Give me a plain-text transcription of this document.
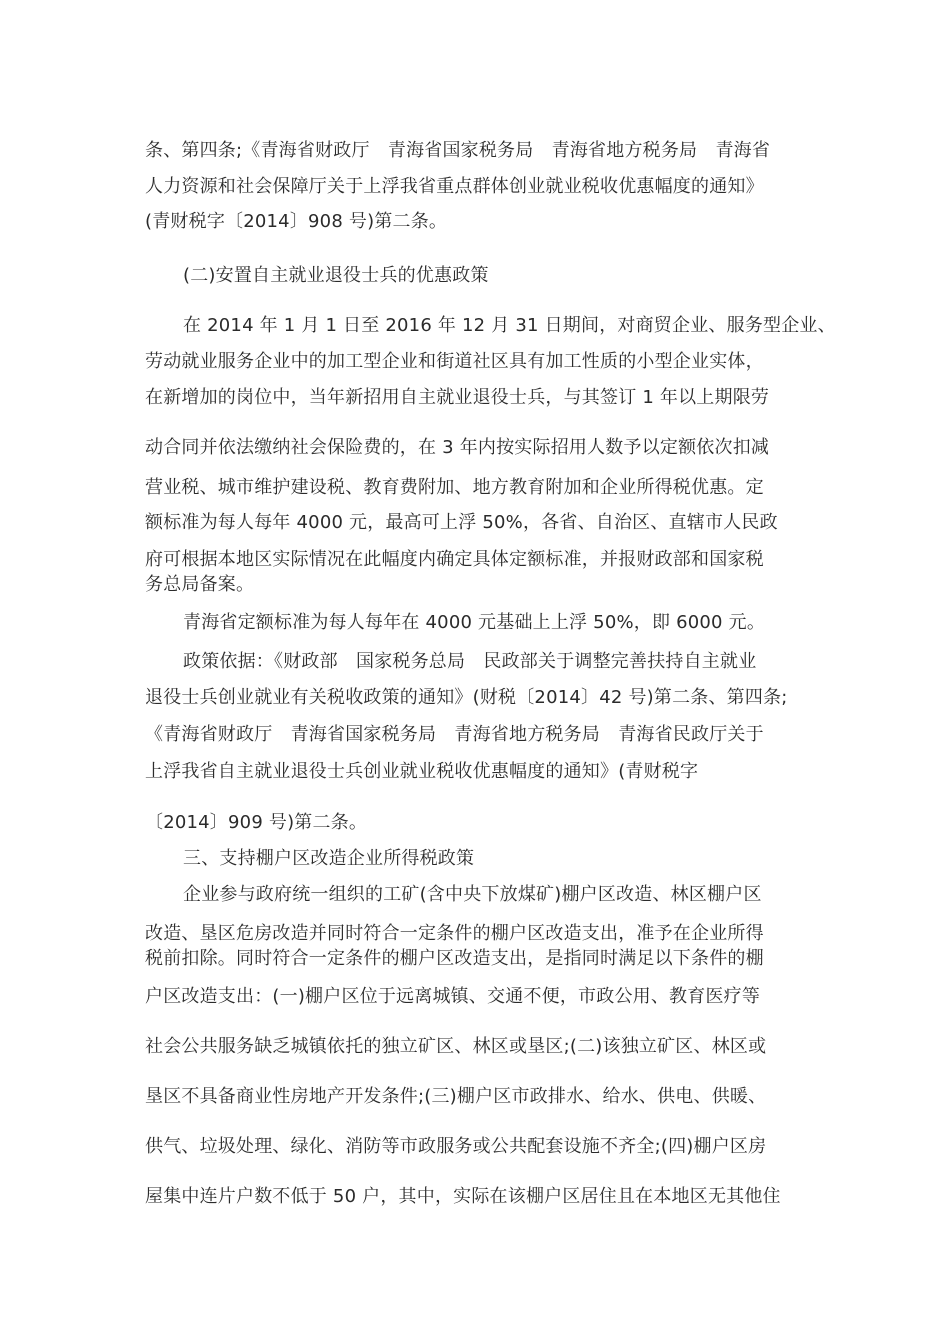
条、第四条;《青海省财政厅　青海省国家税务局　青海省地方税务局　青海省
人力资源和社会保障厅关于上浮我省重点群体创业就业税收优惠幅度的通知》
(青财税字〔2014〕908 号)第二条。
(二)安置自主就业退役士兵的优惠政策
在 2014 年 1 月 1 日至 2016 年 12 月 31 日期间，对商贸企业、服务型企业、
劳动就业服务企业中的加工型企业和街道社区具有加工性质的小型企业实体，
在新增加的岗位中，当年新招用自主就业退役士兵，与其签订 1 年以上期限劳
动合同并依法缴纳社会保险费的，在 3 年内按实际招用人数予以定额依次扣减
营业税、城市维护建设税、教育费附加、地方教育附加和企业所得税优惠。定
额标准为每人每年 4000 元，最高可上浮 50%，各省、自治区、直辖市人民政
府可根据本地区实际情况在此幅度内确定具体定额标准，并报财政部和国家税
务总局备案。
青海省定额标准为每人每年在 4000 元基础上上浮 50%，即 6000 元。
政策依据：《财政部　国家税务总局　民政部关于调整完善扶持自主就业
退役士兵创业就业有关税收政策的通知》(财税〔2014〕42 号)第二条、第四条;
《青海省财政厅　青海省国家税务局　青海省地方税务局　青海省民政厅关于
上浮我省自主就业退役士兵创业就业税收优惠幅度的通知》(青财税字
〔2014〕909 号)第二条。
三、支持棚户区改造企业所得税政策
企业参与政府统一组织的工矿(含中央下放煤矿)棚户区改造、林区棚户区
改造、垦区危房改造并同时符合一定条件的棚户区改造支出，准予在企业所得
税前扣除。同时符合一定条件的棚户区改造支出，是指同时满足以下条件的棚
户区改造支出：(一)棚户区位于远离城镇、交通不便，市政公用、教育医疗等
社会公共服务缺乏城镇依托的独立矿区、林区或垦区;(二)该独立矿区、林区或
垦区不具备商业性房地产开发条件;(三)棚户区市政排水、给水、供电、供暖、
供气、垃圾处理、绿化、消防等市政服务或公共配套设施不齐全;(四)棚户区房
屋集中连片户数不低于 50 户，其中，实际在该棚户区居住且在本地区无其他住
